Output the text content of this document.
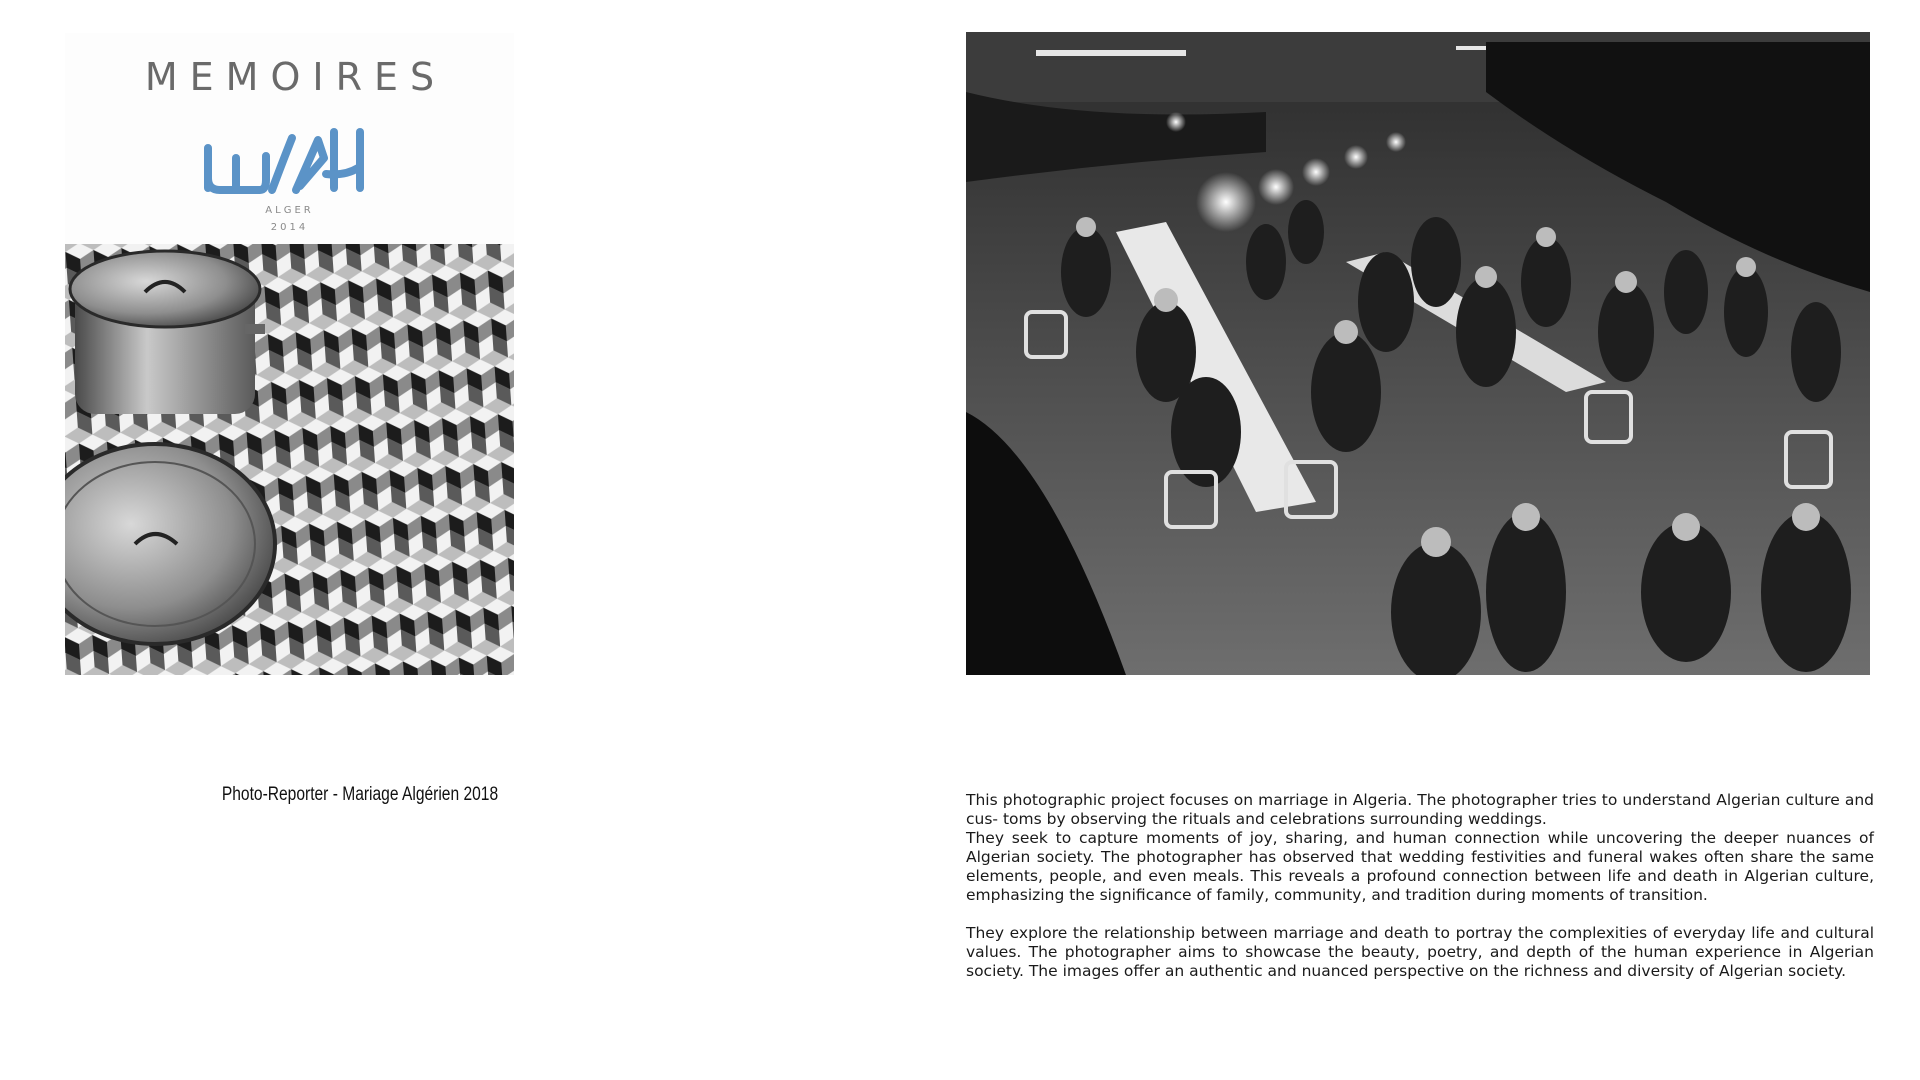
MEMOIRES
ALGER
2014
Photo-Reporter - Mariage Algérien 2018	This photographic project focuses on marriage in Algeria. The photographer tries to understand Algerian culture and cus- toms by observing the rituals and celebrations surrounding weddings.

They seek to capture moments of joy, sharing, and human connection while uncovering the deeper nuances of Algerian society. The photographer has observed that wedding festivities and funeral wakes often share the same elements, people, and even meals. This reveals a profound connection between life and death in Algerian culture, emphasizing the significance of family, community, and tradition during moments of transition.

They explore the relationship between marriage and death to portray the complexities of everyday life and cultural values. The photographer aims to showcase the beauty, poetry, and depth of the human experience in Algerian society. The images offer an authentic and nuanced perspective on the richness and diversity of Algerian society.
